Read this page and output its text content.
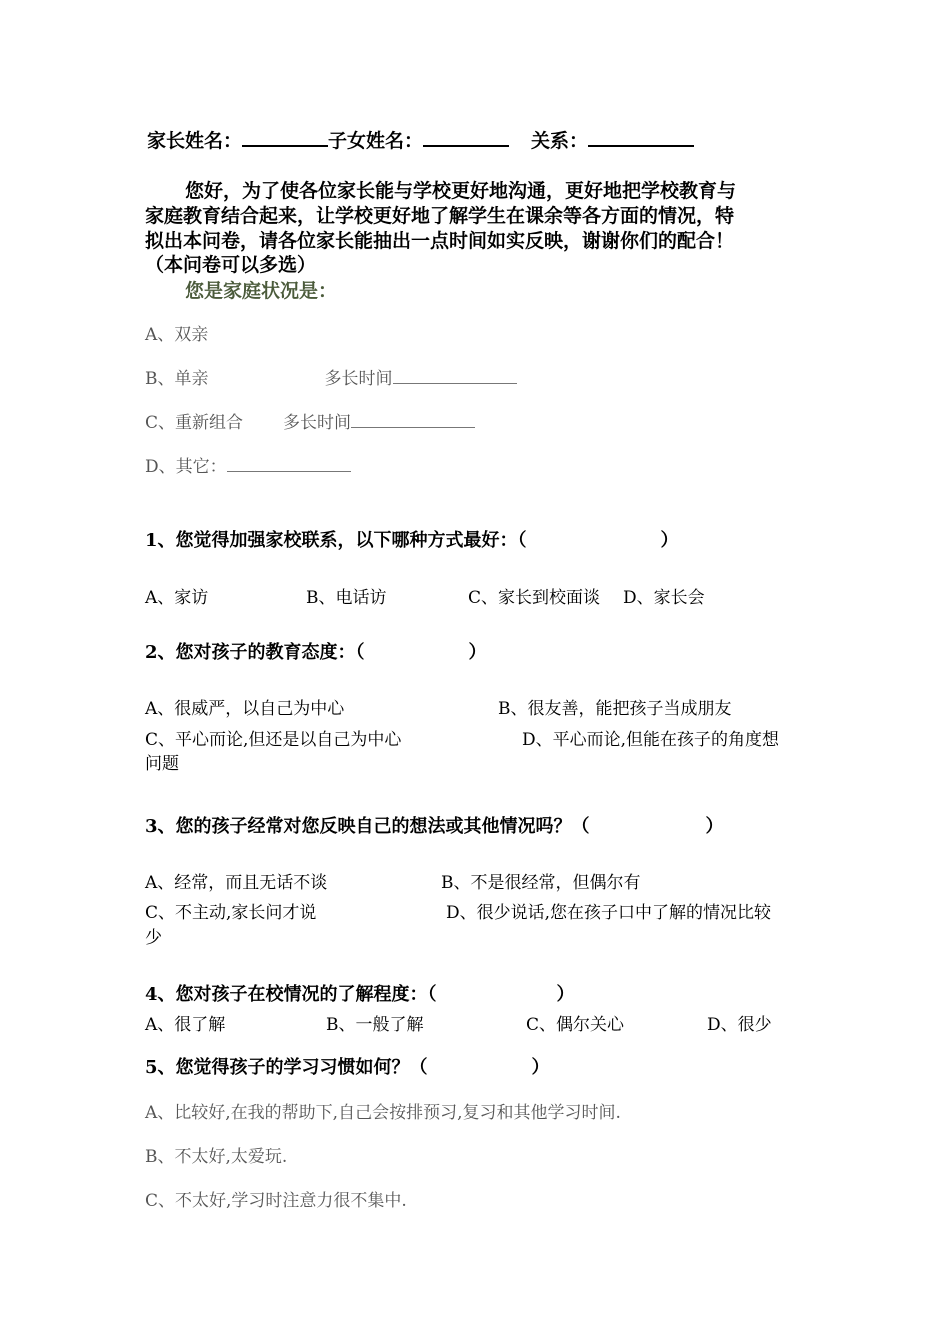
家长姓名：	子女姓名：	关系：
您好，为了使各位家长能与学校更好地沟通，更好地把学校教育与
家庭教育结合起来，让学校更好地了解学生在课余等各方面的情况，特
拟出本问卷，请各位家长能抽出一点时间如实反映，谢谢你们的配合！
（本问卷可以多选）
您是家庭状况是：
A、双亲
B、单亲	多长时间
C、重新组合 多长时间
D、其它：
1、您觉得加强家校联系，以下哪种方式最好：（	）
A、家访	B、电话访	C、家长到校面谈 D、家长会
2、您对孩子的教育态度：（	）
A、很威严，以自己为中心	B、很友善，能把孩子当成朋友
C、平心而论,但还是以自己为中心	D、平心而论,但能在孩子的角度想
问题
3、您的孩子经常对您反映自己的想法或其他情况吗？（	）
A、经常，而且无话不谈	B、不是很经常，但偶尔有
C、不主动,家长问才说	D、很少说话,您在孩子口中了解的情况比较
少
4、您对孩子在校情况的了解程度：（	）
A、很了解	B、一般了解	C、偶尔关心	D、很少
5、您觉得孩子的学习习惯如何？（	）
A、比较好,在我的帮助下,自己会按排预习,复习和其他学习时间.
B、不太好,太爱玩.
C、不太好,学习时注意力很不集中.
